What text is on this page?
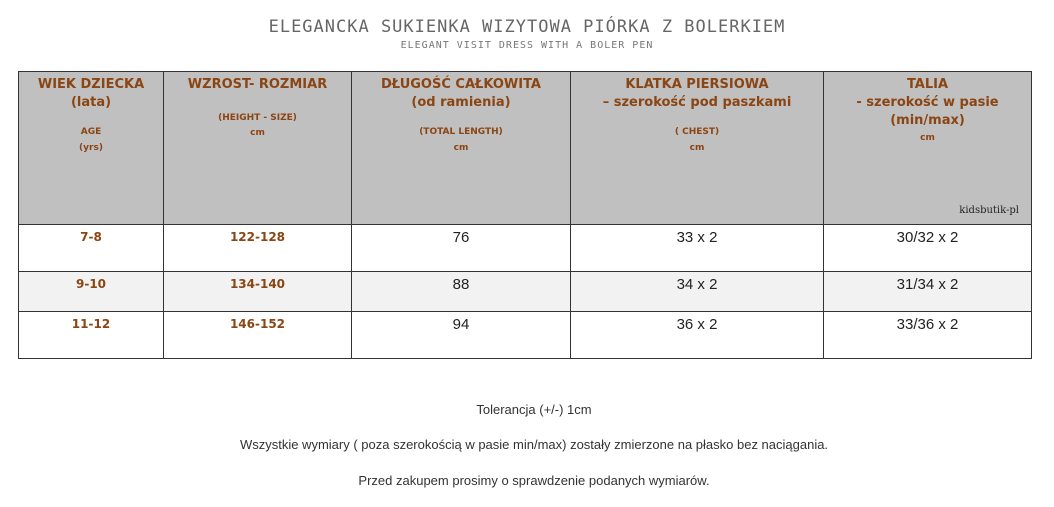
ELEGANCKA SUKIENKA WIZYTOWA PIÓRKA Z BOLERKIEM
ELEGANT VISIT DRESS WITH A BOLER PEN
WIEK DZIECKA
(lata)
AGE
(yrs)	WZROST- ROZMIAR
(HEIGHT - SIZE)
cm	DŁUGOŚĆ CAŁKOWITA
(od ramienia)
(TOTAL LENGTH)
cm	KLATKA PIERSIOWA
– szerokość pod paszkami
( CHEST)
cm	TALIA
- szerokość w pasie
(min/max)
cm
kidsbutik-pl

7-8	122-128	76	33 x 2	30/32 x 2

9-10	134-140	88	34 x 2	31/34 x 2

11-12	146-152	94	36 x 2	33/36 x 2
Tolerancja (+/-) 1cm
Wszystkie wymiary ( poza szerokością w pasie min/max) zostały zmierzone na płasko bez naciągania.
Przed zakupem prosimy o sprawdzenie podanych wymiarów.
